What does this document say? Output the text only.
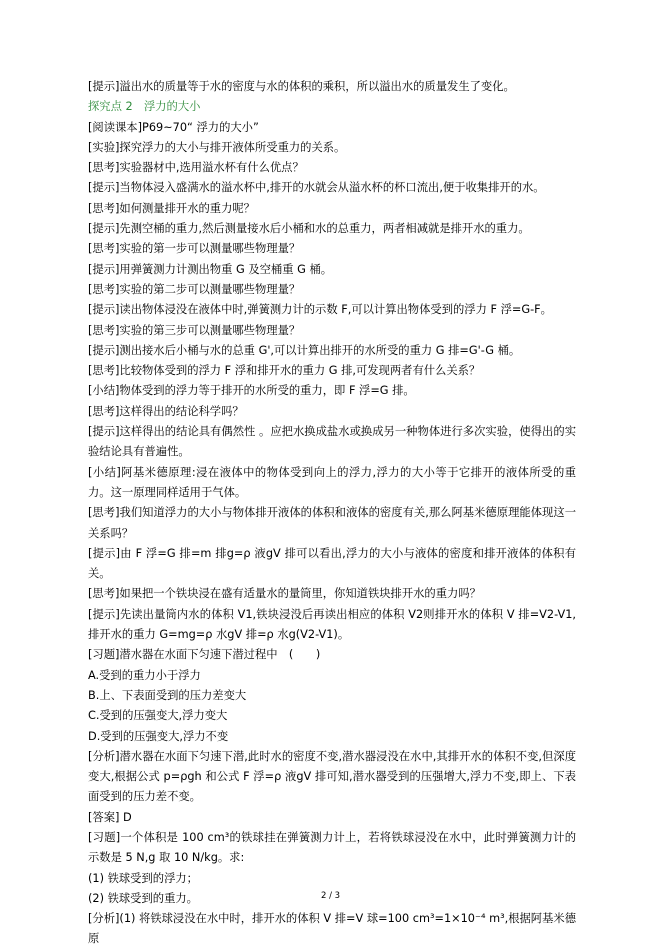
[提示]溢出水的质量等于水的密度与水的体积的乘积，所以溢出水的质量发生了变化。

探究点 2　浮力的大小

[阅读课本]P69~70“ 浮力的大小”

[实验]探究浮力的大小与排开液体所受重力的关系。

[思考]实验器材中,选用溢水杯有什么优点？

[提示]当物体浸入盛满水的溢水杯中,排开的水就会从溢水杯的杯口流出,便于收集排开的水。

[思考]如何测量排开水的重力呢？

[提示]先测空桶的重力,然后测量接水后小桶和水的总重力，两者相减就是排开水的重力。

[思考]实验的第一步可以测量哪些物理量？

[提示]用弹簧测力计测出物重 G 及空桶重 G 桶。

[思考]实验的第二步可以测量哪些物理量？

[提示]读出物体浸没在液体中时,弹簧测力计的示数 F,可以计算出物体受到的浮力 F 浮=G-F。

[思考]实验的第三步可以测量哪些物理量？

[提示]测出接水后小桶与水的总重 G',可以计算出排开的水所受的重力 G 排=G'-G 桶。

[思考]比较物体受到的浮力 F 浮和排开水的重力 G 排,可发现两者有什么关系？

[小结]物体受到的浮力等于排开的水所受的重力，即 F 浮=G 排。

[思考]这样得出的结论科学吗？

[提示]这样得出的结论具有偶然性 。应把水换成盐水或换成另一种物体进行多次实验，使得出的实验结论具有普遍性。

[小结]阿基米德原理:浸在液体中的物体受到向上的浮力,浮力的大小等于它排开的液体所受的重力。这一原理同样适用于气体。

[思考]我们知道浮力的大小与物体排开液体的体积和液体的密度有关,那么阿基米德原理能体现这一关系吗？

[提示]由 F 浮=G 排=m 排g=ρ 液gV 排可以看出,浮力的大小与液体的密度和排开液体的体积有关。

[思考]如果把一个铁块浸在盛有适量水的量筒里，你知道铁块排开水的重力吗？

[提示]先读出量筒内水的体积 V1,铁块浸没后再读出相应的体积 V2则排开水的体积 V 排=V2-V1,排开水的重力 G=mg=ρ 水gV 排=ρ 水g(V2-V1)。

[习题]潜水器在水面下匀速下潜过程中　(　　)

A.受到的重力小于浮力

B.上、下表面受到的压力差变大

C.受到的压强变大,浮力变大

D.受到的压强变大,浮力不变

[分析]潜水器在水面下匀速下潜,此时水的密度不变,潜水器浸没在水中,其排开水的体积不变,但深度变大,根据公式 p=ρgh 和公式 F 浮=ρ 液gV 排可知,潜水器受到的压强增大,浮力不变,即上、下表面受到的压力差不变。

[答案] D

[习题]一个体积是 100 cm³的铁球挂在弹簧测力计上，若将铁球浸没在水中，此时弹簧测力计的示数是 5 N,g 取 10 N/kg。求:

(1) 铁球受到的浮力；

(2) 铁球受到的重力。

[分析](1) 将铁球浸没在水中时，排开水的体积 V 排=V 球=100 cm³=1×10⁻⁴ m³,根据阿基米德原

2 / 3
